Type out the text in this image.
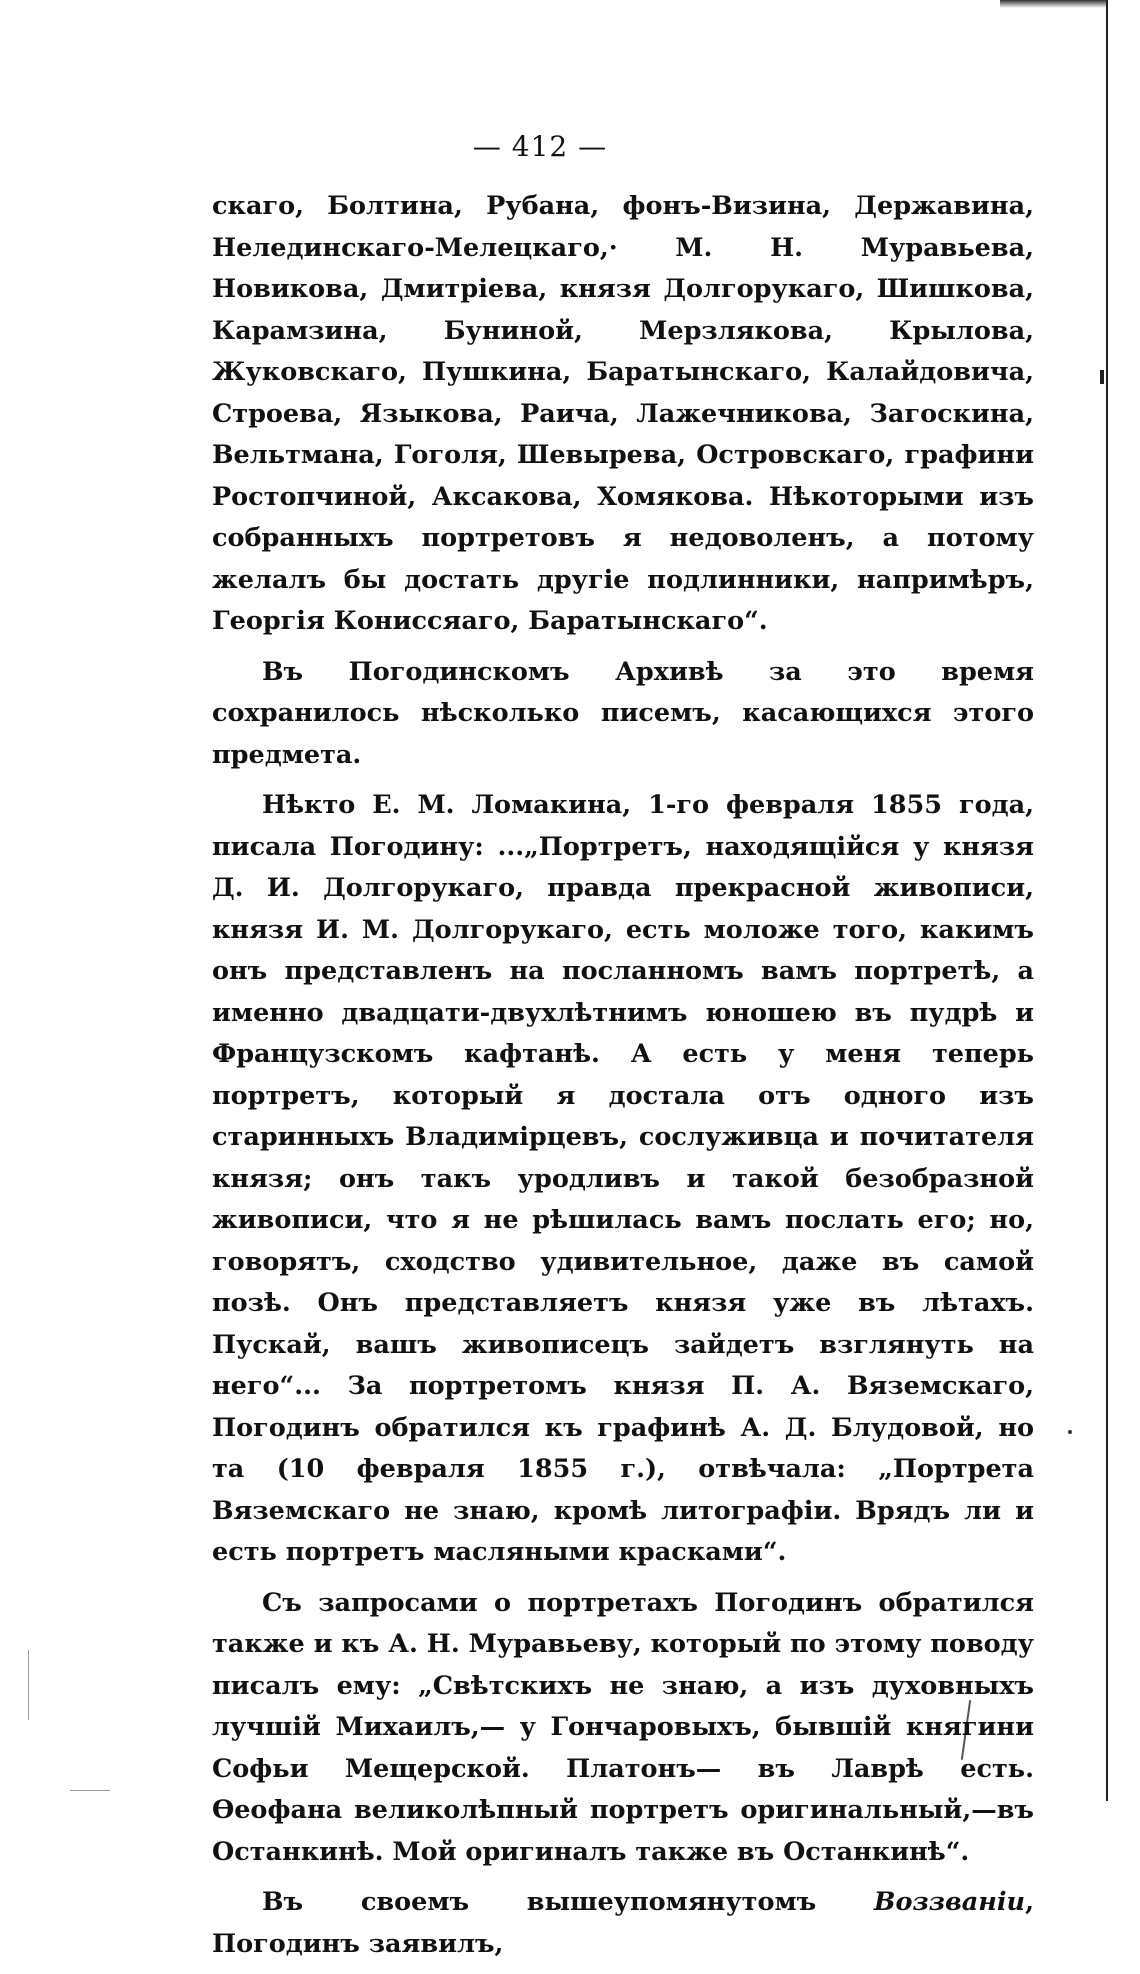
— 412 —

скаго, Болтина, Рубана, фонъ-Визина, Державина, Нелединскаго-Мелецкаго,· М. Н. Муравьева, Новикова, Дмитріева, князя Долгорукаго, Шишкова, Карамзина, Буниной, Мерзлякова, Крылова, Жуковскаго, Пушкина, Баратынскаго, Калайдовича, Строева, Языкова, Раича, Лажечникова, Загоскина, Вельтмана, Гоголя, Шевырева, Островскаго, графини Ростопчиной, Аксакова, Хомякова. Нѣкоторыми изъ собранныхъ портретовъ я недоволенъ, а потому желалъ бы достать другіе подлинники, напримѣръ, Георгія Кониссяаго, Баратынскаго“.

Въ Погодинскомъ Архивѣ за это время сохранилось нѣсколько писемъ, касающихся этого предмета.

Нѣкто Е. М. Ломакина, 1-го февраля 1855 года, писала Погодину: ...„Портретъ, находящійся у князя Д. И. Долгорукаго, правда прекрасной живописи, князя И. М. Долгорукаго, есть моложе того, какимъ онъ представленъ на посланномъ вамъ портретѣ, а именно двадцати-двухлѣтнимъ юношею въ пудрѣ и Французскомъ кафтанѣ. А есть у меня теперь портретъ, который я достала отъ одного изъ старинныхъ Владимірцевъ, сослуживца и почитателя князя; онъ такъ уродливъ и такой безобразной живописи, что я не рѣшилась вамъ послать его; но, говорятъ, сходство удивительное, даже въ самой позѣ. Онъ представляетъ князя уже въ лѣтахъ. Пускай, вашъ живописецъ зайдетъ взглянуть на него“... За портретомъ князя П. А. Вяземскаго, Погодинъ обратился къ графинѣ А. Д. Блудовой, но та (10 февраля 1855 г.), отвѣчала: „Портрета Вяземскаго не знаю, кромѣ литографіи. Врядъ ли и есть портретъ масляными красками“.

Съ запросами о портретахъ Погодинъ обратился также и къ А. Н. Муравьеву, который по этому поводу писалъ ему: „Свѣтскихъ не знаю, а изъ духовныхъ лучшій Михаилъ,— у Гончаровыхъ, бывшій княгини Софьи Мещерской. Платонъ— въ Лаврѣ есть. Ѳеофана великолѣпный портретъ оригинальный,—въ Останкинѣ. Мой оригиналъ также въ Останкинѣ“.

Въ своемъ вышеупомянутомъ Воззваніи, Погодинъ заявилъ,
